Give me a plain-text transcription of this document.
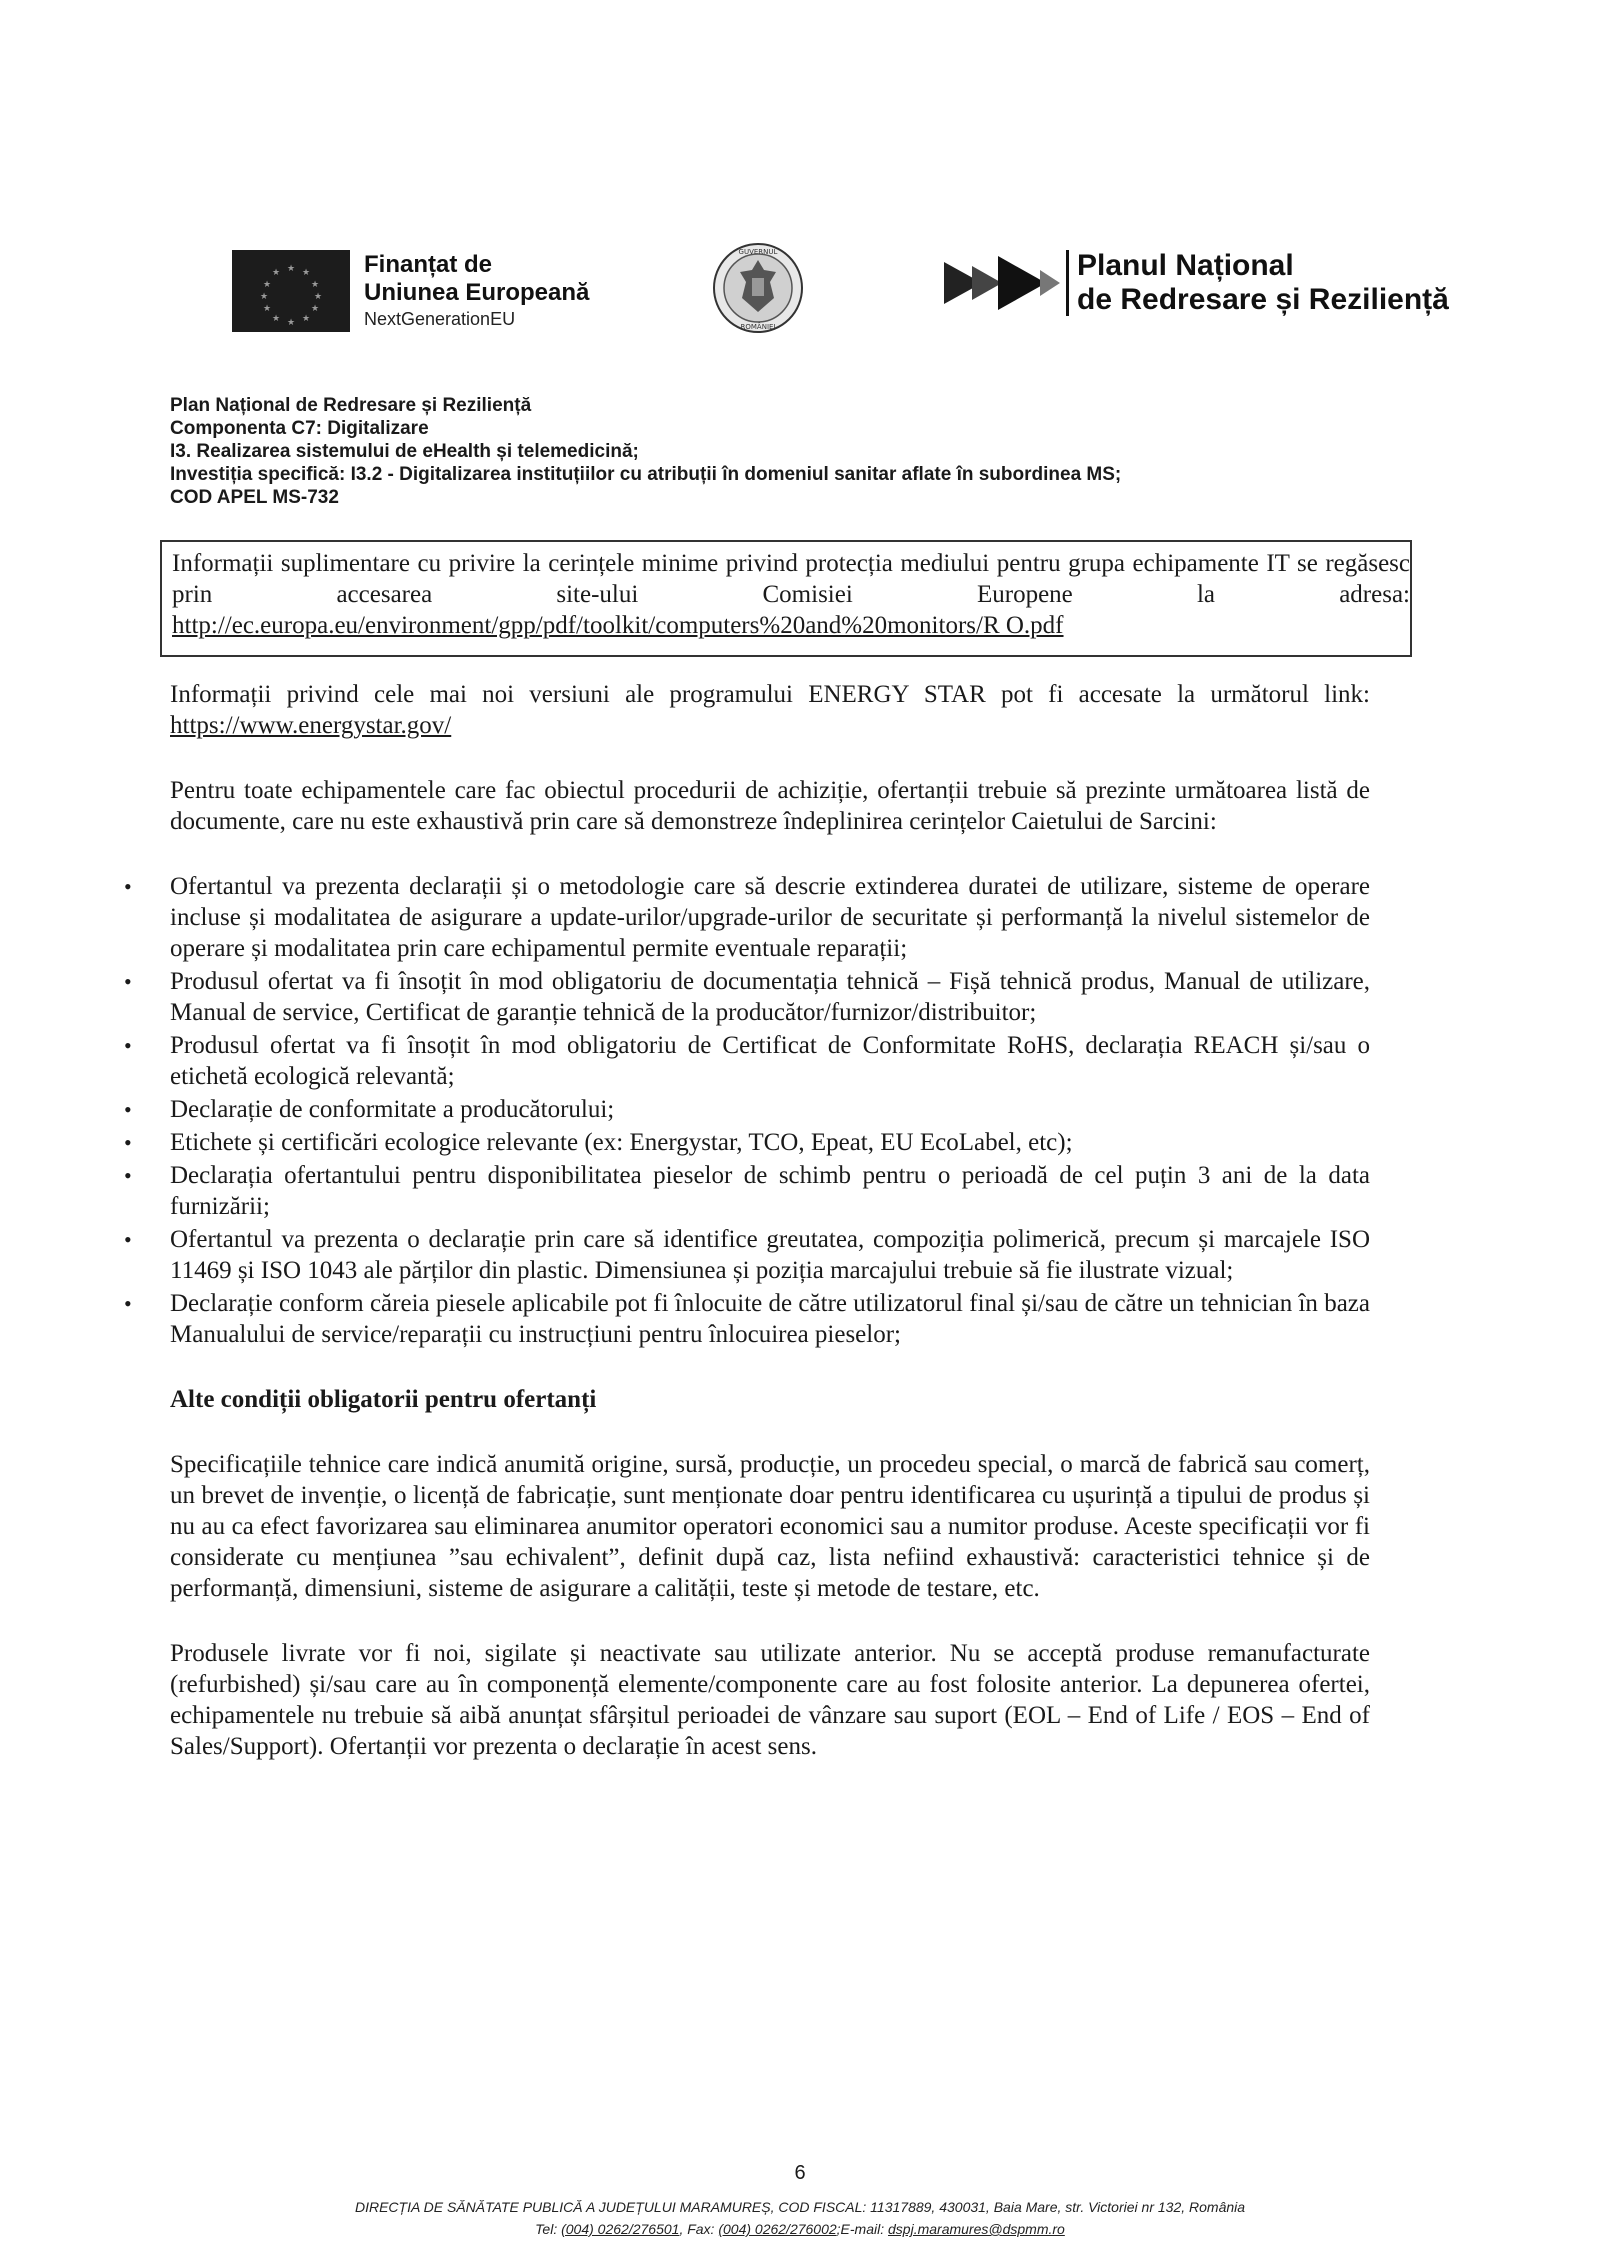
★ ★
★
★
★
★
★
★
★
★
★
★	Finanțat de
Uniunea Europeană
NextGenerationEU
GUVERNUL
ROMÂNIEI
Planul Național
de Redresare și Reziliență
Plan Național de Redresare și Reziliență
Componenta C7: Digitalizare
I3. Realizarea sistemului de eHealth și telemedicină;
Investiția specifică: I3.2 - Digitalizarea instituțiilor cu atribuții în domeniul sanitar aflate în subordinea MS;
COD APEL MS-732

Informații suplimentare cu privire la cerințele minime privind protecția mediului pentru grupa echipamente IT se regăsesc prin accesarea site-ului Comisiei Europene la adresa: http://ec.europa.eu/environment/gpp/pdf/toolkit/computers%20and%20monitors/R O.pdf

Informații privind cele mai noi versiuni ale programului ENERGY STAR pot fi accesate la următorul link: https://www.energystar.gov/

Pentru toate echipamentele care fac obiectul procedurii de achiziție, ofertanții trebuie să prezinte următoarea listă de documente, care nu este exhaustivă prin care să demonstreze îndeplinirea cerințelor Caietului de Sarcini:

• Ofertantul va prezenta declarații și o metodologie care să descrie extinderea duratei de utilizare, sisteme de operare incluse și modalitatea de asigurare a update-urilor/upgrade-urilor de securitate și performanță la nivelul sistemelor de operare și modalitatea prin care echipamentul permite eventuale reparații;
• Produsul ofertat va fi însoțit în mod obligatoriu de documentația tehnică – Fișă tehnică produs, Manual de utilizare, Manual de service, Certificat de garanție tehnică de la producător/furnizor/distribuitor;
• Produsul ofertat va fi însoțit în mod obligatoriu de Certificat de Conformitate RoHS, declarația REACH și/sau o etichetă ecologică relevantă;
• Declarație de conformitate a producătorului;
• Etichete și certificări ecologice relevante (ex: Energystar, TCO, Epeat, EU EcoLabel, etc);
• Declarația ofertantului pentru disponibilitatea pieselor de schimb pentru o perioadă de cel puțin 3 ani de la data furnizării;
• Ofertantul va prezenta o declarație prin care să identifice greutatea, compoziția polimerică, precum și marcajele ISO 11469 și ISO 1043 ale părților din plastic. Dimensiunea și poziția marcajului trebuie să fie ilustrate vizual;
• Declarație conform căreia piesele aplicabile pot fi înlocuite de către utilizatorul final și/sau de către un tehnician în baza Manualului de service/reparații cu instrucțiuni pentru înlocuirea pieselor;
Alte condiții obligatorii pentru ofertanți

Specificațiile tehnice care indică anumită origine, sursă, producție, un procedeu special, o marcă de fabrică sau comerț, un brevet de invenție, o licență de fabricație, sunt menționate doar pentru identificarea cu ușurință a tipului de produs și nu au ca efect favorizarea sau eliminarea anumitor operatori economici sau a numitor produse. Aceste specificații vor fi considerate cu mențiunea ”sau echivalent”, definit după caz, lista nefiind exhaustivă: caracteristici tehnice și de performanță, dimensiuni, sisteme de asigurare a calității, teste și metode de testare, etc.

Produsele livrate vor fi noi, sigilate și neactivate sau utilizate anterior. Nu se acceptă produse remanufacturate (refurbished) și/sau care au în componență elemente/componente care au fost folosite anterior. La depunerea ofertei, echipamentele nu trebuie să aibă anunțat sfârșitul perioadei de vânzare sau suport (EOL – End of Life / EOS – End of Sales/Support). Ofertanții vor prezenta o declarație în acest sens.

6
DIRECȚIA DE SĂNĂTATE PUBLICĂ A JUDEȚULUI MARAMUREȘ, COD FISCAL: 11317889, 430031, Baia Mare, str. Victoriei nr 132, România
Tel: (004) 0262/276501, Fax: (004) 0262/276002;E-mail: dspj.maramures@dspmm.ro
